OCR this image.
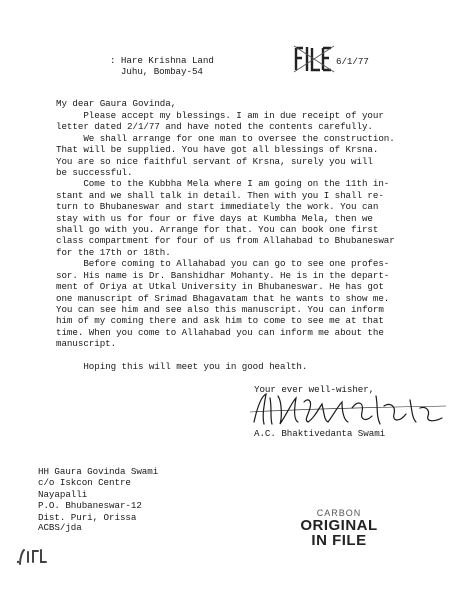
: Hare Krishna Land
Juhu, Bombay-54
6/1/77
My dear Gaura Govinda,
Please accept my blessings. I am in due receipt of your
letter dated 2/1/77 and have noted the contents carefully.
We shall arrange for one man to oversee the construction.
That will be supplied. You have got all blessings of Krsna.
You are so nice faithful servant of Krsna, surely you will
be successful.
Come to the Kubbha Mela where I am going on the 11th in-
stant and we shall talk in detail. Then with you I shall re-
turn to Bhubaneswar and start immediately the work. You can
stay with us for four or five days at Kumbha Mela, then we
shall go with you. Arrange for that. You can book one first
class compartment for four of us from Allahabad to Bhubaneswar
for the 17th or 18th.
Before coming to Allahabad you can go to see one profes-
sor. His name is Dr. Banshidhar Mohanty. He is in the depart-
ment of Oriya at Utkal University in Bhubaneswar. He has got
one manuscript of Srimad Bhagavatam that he wants to show me.
You can see him and see also this manuscript. You can inform
him of my coming there and ask him to come to see me at that
time. When you come to Allahabad you can inform me about the
manuscript.

Hoping this will meet you in good health.
Your ever well-wisher,
A.C. Bhaktivedanta Swami
HH Gaura Govinda Swami
c/o Iskcon Centre
Nayapalli
P.O. Bhubaneswar-12
Dist. Puri, Orissa
ACBS/jda
CARBON
ORIGINAL
IN FILE
